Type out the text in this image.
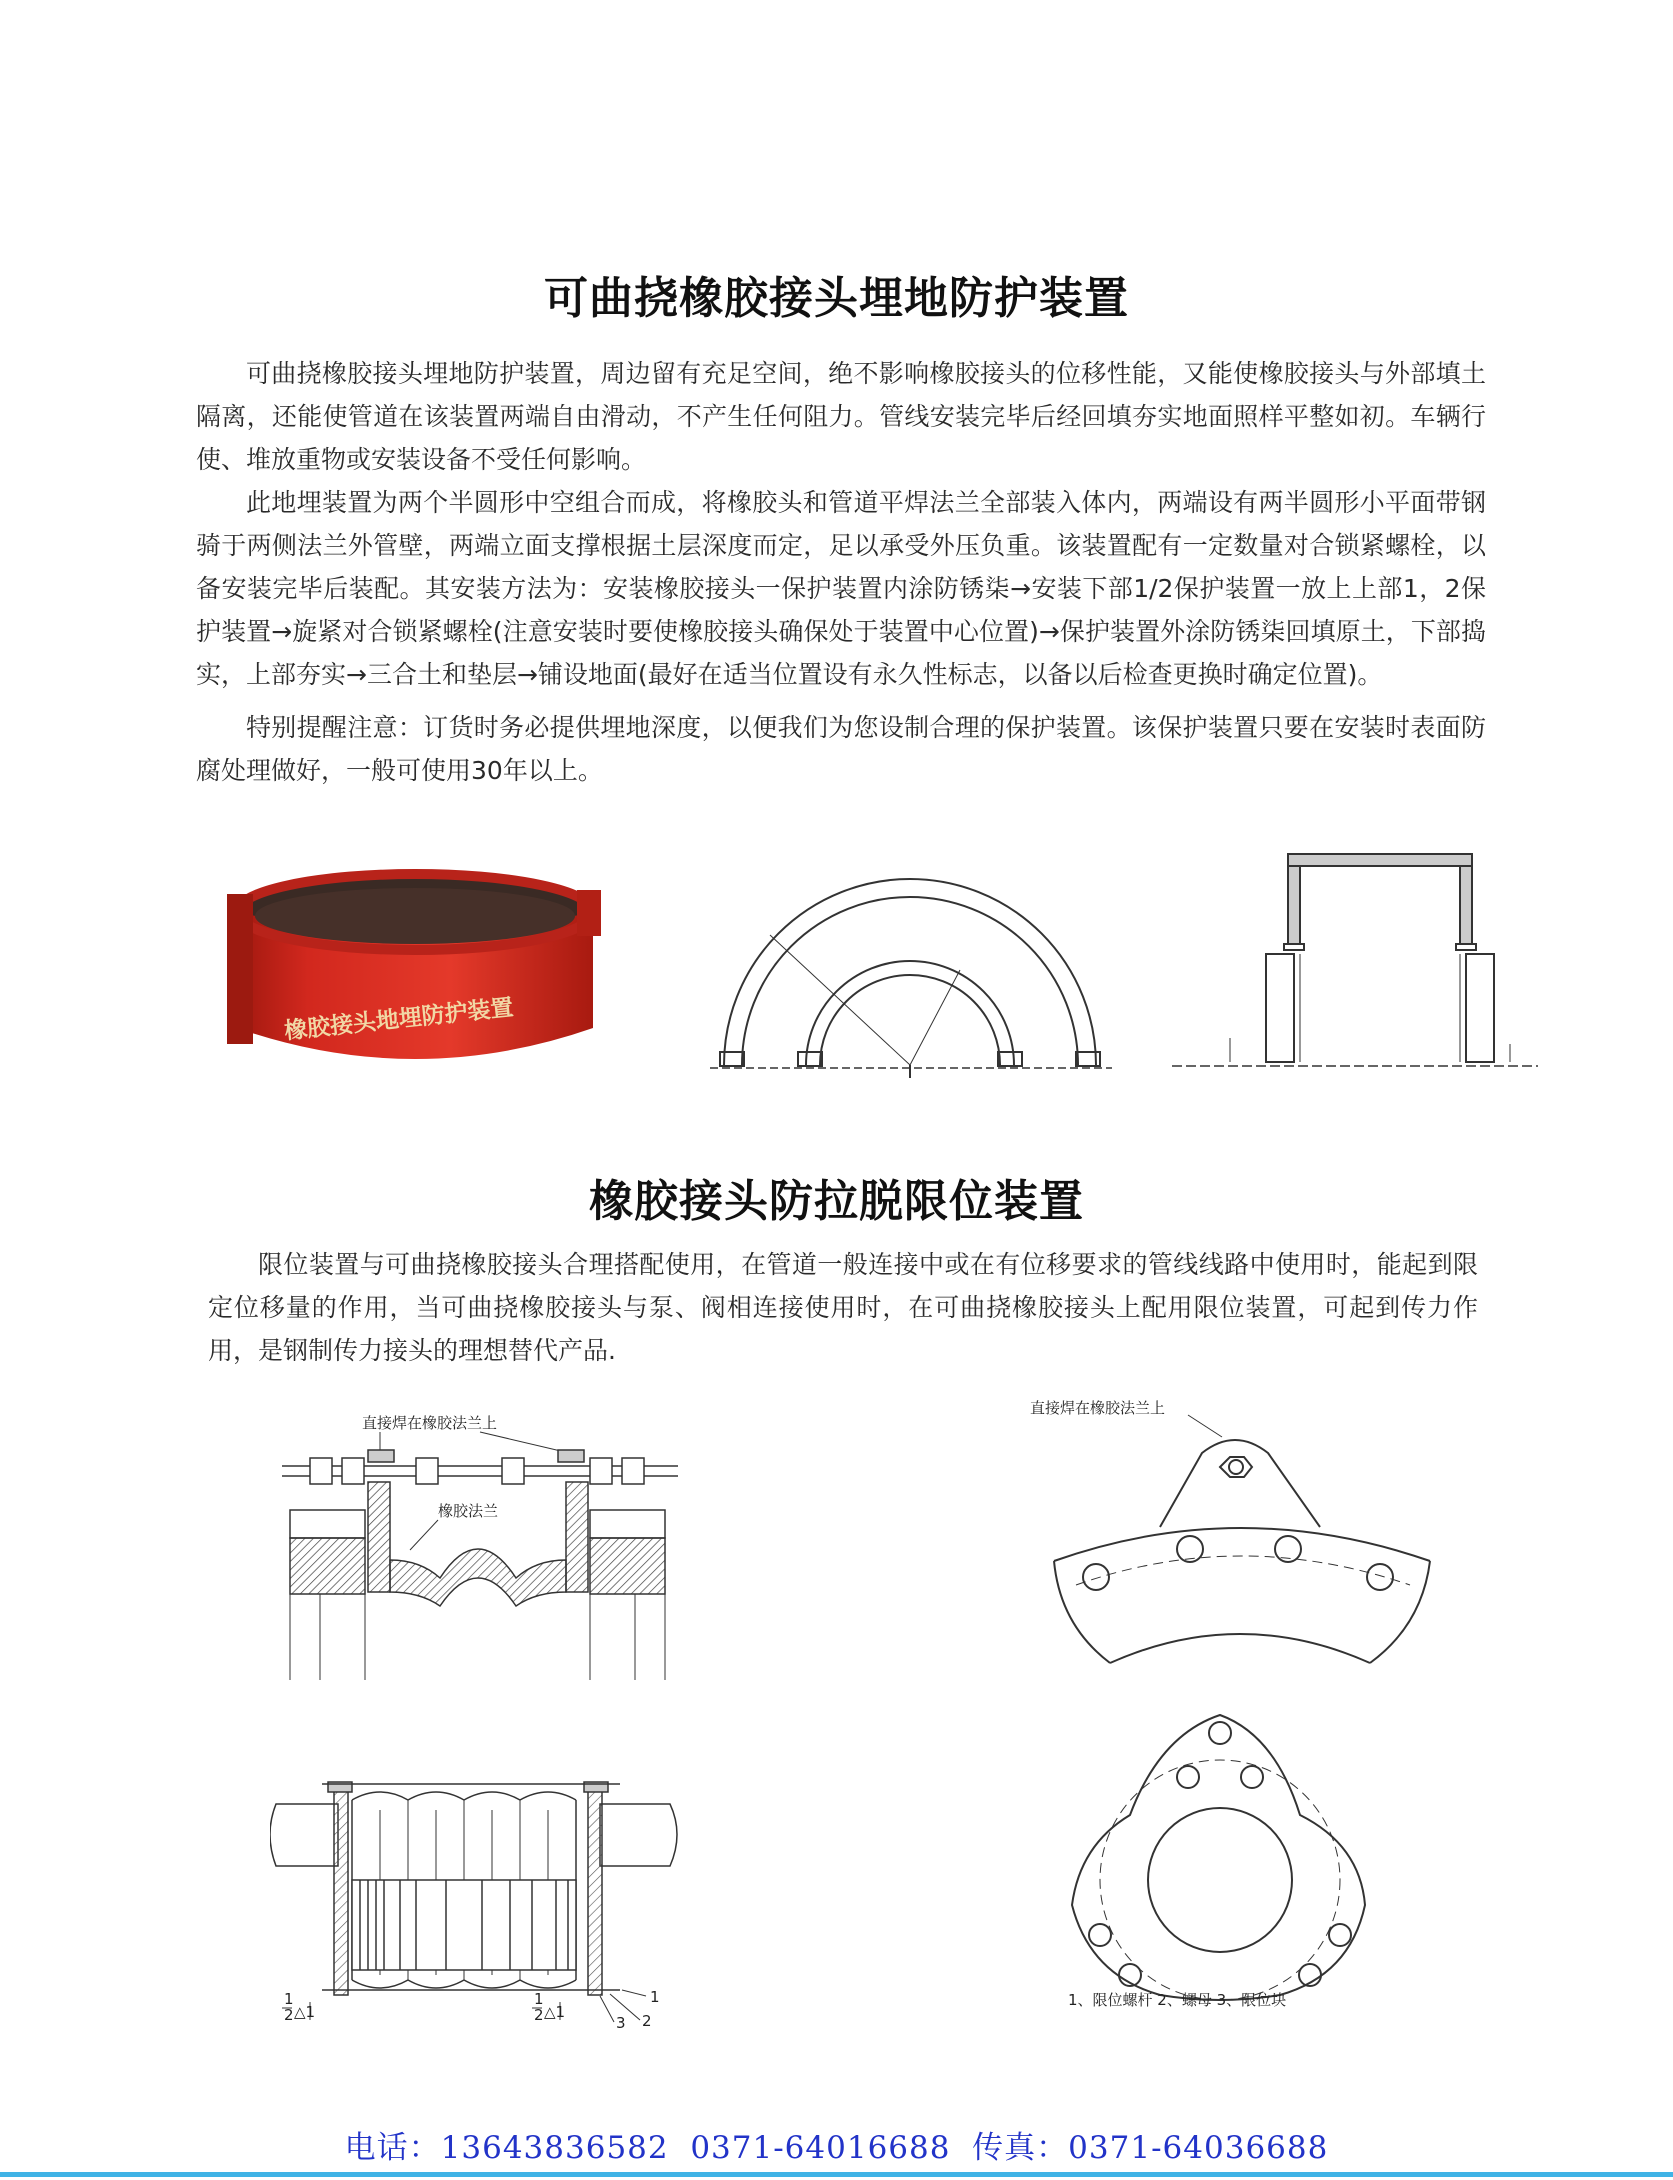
可曲挠橡胶接头埋地防护装置

可曲挠橡胶接头埋地防护装置，周边留有充足空间，绝不影响橡胶接头的位移性能，又能使橡胶接头与外部填土隔离，还能使管道在该装置两端自由滑动，不产生任何阻力。管线安装完毕后经回填夯实地面照样平整如初。车辆行使、堆放重物或安装设备不受任何影响。

此地埋装置为两个半圆形中空组合而成，将橡胶头和管道平焊法兰全部装入体内，两端设有两半圆形小平面带钢骑于两侧法兰外管壁，两端立面支撑根据土层深度而定，足以承受外压负重。该装置配有一定数量对合锁紧螺栓，以备安装完毕后装配。其安装方法为：安装橡胶接头一保护装置内涂防锈柒→安装下部1/2保护装置一放上上部1，2保护装置→旋紧对合锁紧螺栓(注意安装时要使橡胶接头确保处于装置中心位置)→保护装置外涂防锈柒回填原土，下部捣实，上部夯实→三合土和垫层→铺设地面(最好在适当位置设有永久性标志，以备以后检查更换时确定位置)。

特别提醒注意：订货时务必提供埋地深度，以便我们为您设制合理的保护装置。该保护装置只要在安装时表面防腐处理做好，一般可使用30年以上。

橡胶接头地埋防护装置
橡胶接头防拉脱限位装置

限位装置与可曲挠橡胶接头合理搭配使用，在管道一般连接中或在有位移要求的管线线路中使用时，能起到限定位移量的作用，当可曲挠橡胶接头与泵、阀相连接使用时，在可曲挠橡胶接头上配用限位装置，可起到传力作用，是钢制传力接头的理想替代产品.

直接焊在橡胶法兰上
橡胶法兰
直接焊在橡胶法兰上
1
2 △1
1
2 △1
1
2
3
1、限位螺杆 2、螺母 3、限位块
电话：13643836582  0371-64016688  传真：0371-64036688
